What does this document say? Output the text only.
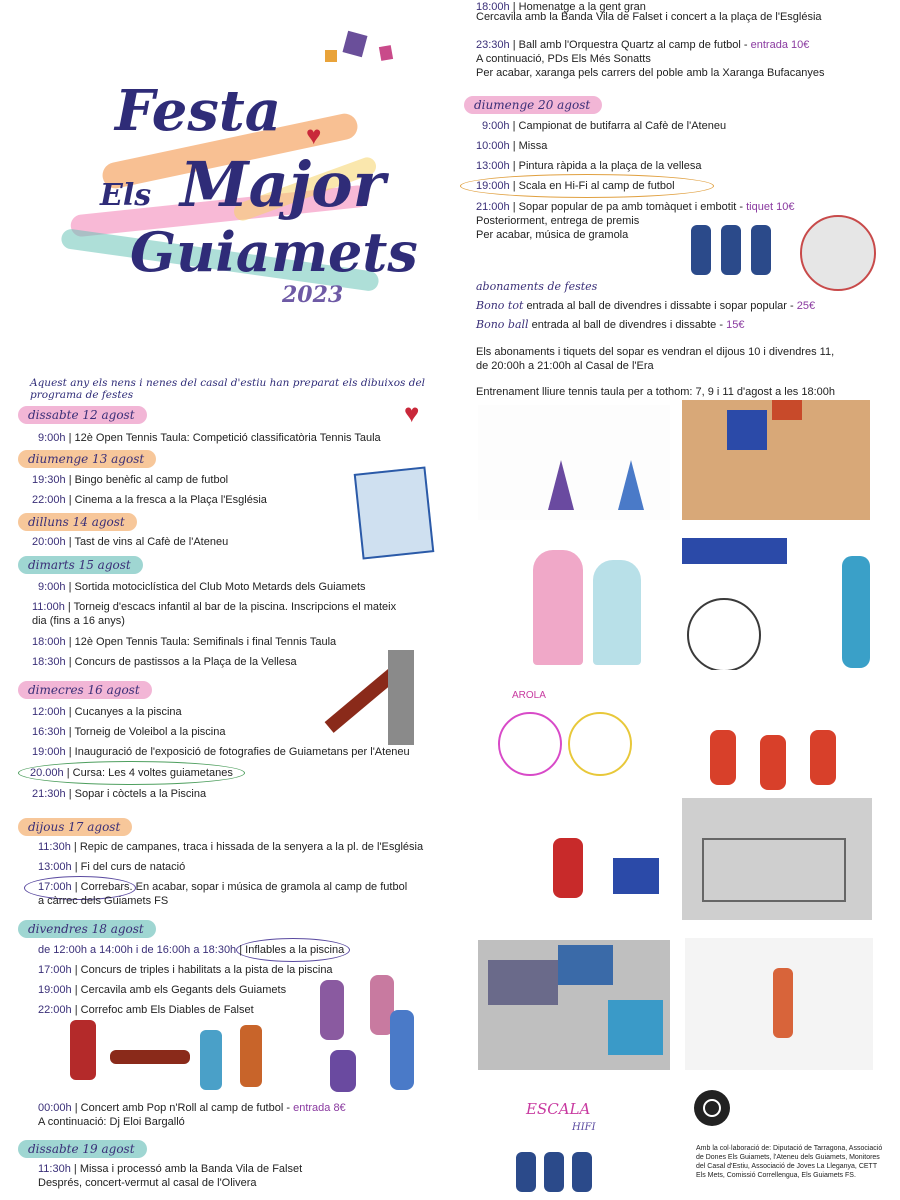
Festa
Els Major
Guiamets
2023
♥
♥
Aquest any els nens i nenes del casal d'estiu han preparat els dibuixos del programa de festes
dissabte 12 agost
9:00h | 12è Open Tennis Taula: Competició classificatòria Tennis Taula
diumenge 13 agost
19:30h | Bingo benèfic al camp de futbol
22:00h | Cinema a la fresca a la Plaça l'Església
dilluns 14 agost
20:00h | Tast de vins al Cafè de l'Ateneu
dimarts 15 agost
9:00h | Sortida motociclística del Club Moto Metards dels Guiamets
11:00h | Torneig d'escacs infantil al bar de la piscina. Inscripcions el mateix
dia (fins a 16 anys)
18:00h | 12è Open Tennis Taula: Semifinals i final Tennis Taula
18:30h | Concurs de pastissos a la Plaça de la Vellesa
dimecres 16 agost
12:00h | Cucanyes a la piscina
16:30h | Torneig de Voleibol a la piscina
19:00h | Inauguració de l'exposició de fotografies de Guiametans per l'Ateneu
20.00h | Cursa: Les 4 voltes guiametanes
21:30h | Sopar i còctels a la Piscina
dijous 17 agost
11:30h | Repic de campanes, traca i hissada de la senyera a la pl. de l'Església
13:00h | Fi del curs de natació
17:00h | Correbars. En acabar, sopar i música de gramola al camp de futbol
a càrrec dels Guiamets FS
divendres 18 agost
de 12:00h a 14:00h i de 16:00h a 18:30h | Inflables a la piscina
17:00h | Concurs de triples i habilitats a la pista de la piscina
19:00h | Cercavila amb els Gegants dels Guiamets
22:00h | Correfoc amb Els Diables de Falset
00:00h | Concert amb Pop n'Roll al camp de futbol - entrada 8€
A continuació: Dj Eloi Bargalló
dissabte 19 agost
11:30h | Missa i processó amb la Banda Vila de Falset
Després, concert-vermut al casal de l'Olivera
18:00h | Homenatge a la gent gran
Cercavila amb la Banda Vila de Falset i concert a la plaça de l'Església
23:30h | Ball amb l'Orquestra Quartz al camp de futbol - entrada 10€
A continuació, PDs Els Més Sonatts
Per acabar, xaranga pels carrers del poble amb la Xaranga Bufacanyes
diumenge 20 agost
9:00h | Campionat de butifarra al Cafè de l'Ateneu
10:00h | Missa
13:00h | Pintura ràpida a la plaça de la vellesa
19:00h | Scala en Hi-Fi al camp de futbol
21:00h | Sopar popular de pa amb tomàquet i embotit - tiquet 10€
Posteriorment, entrega de premis
Per acabar, música de gramola
abonaments de festes
Bono tot entrada al ball de divendres i dissabte i sopar popular - 25€
Bono ball entrada al ball de divendres i dissabte - 15€
Els abonaments i tiquets del sopar es vendran el dijous 10 i divendres 11,
de 20:00h a 21:00h al Casal de l'Era
Entrenament lliure tennis taula per a tothom: 7, 9 i 11 d'agost a les 18:00h
AROLA
ESCALA
HIFI
Amb la col·laboració de: Diputació de Tarragona, Associació de Dones Els Guiamets, l'Ateneu dels Guiamets, Monitores del Casal d'Estiu, Associació de Joves La Lleganya, CETT Els Mets, Comissió Correllengua, Els Guiamets FS.
